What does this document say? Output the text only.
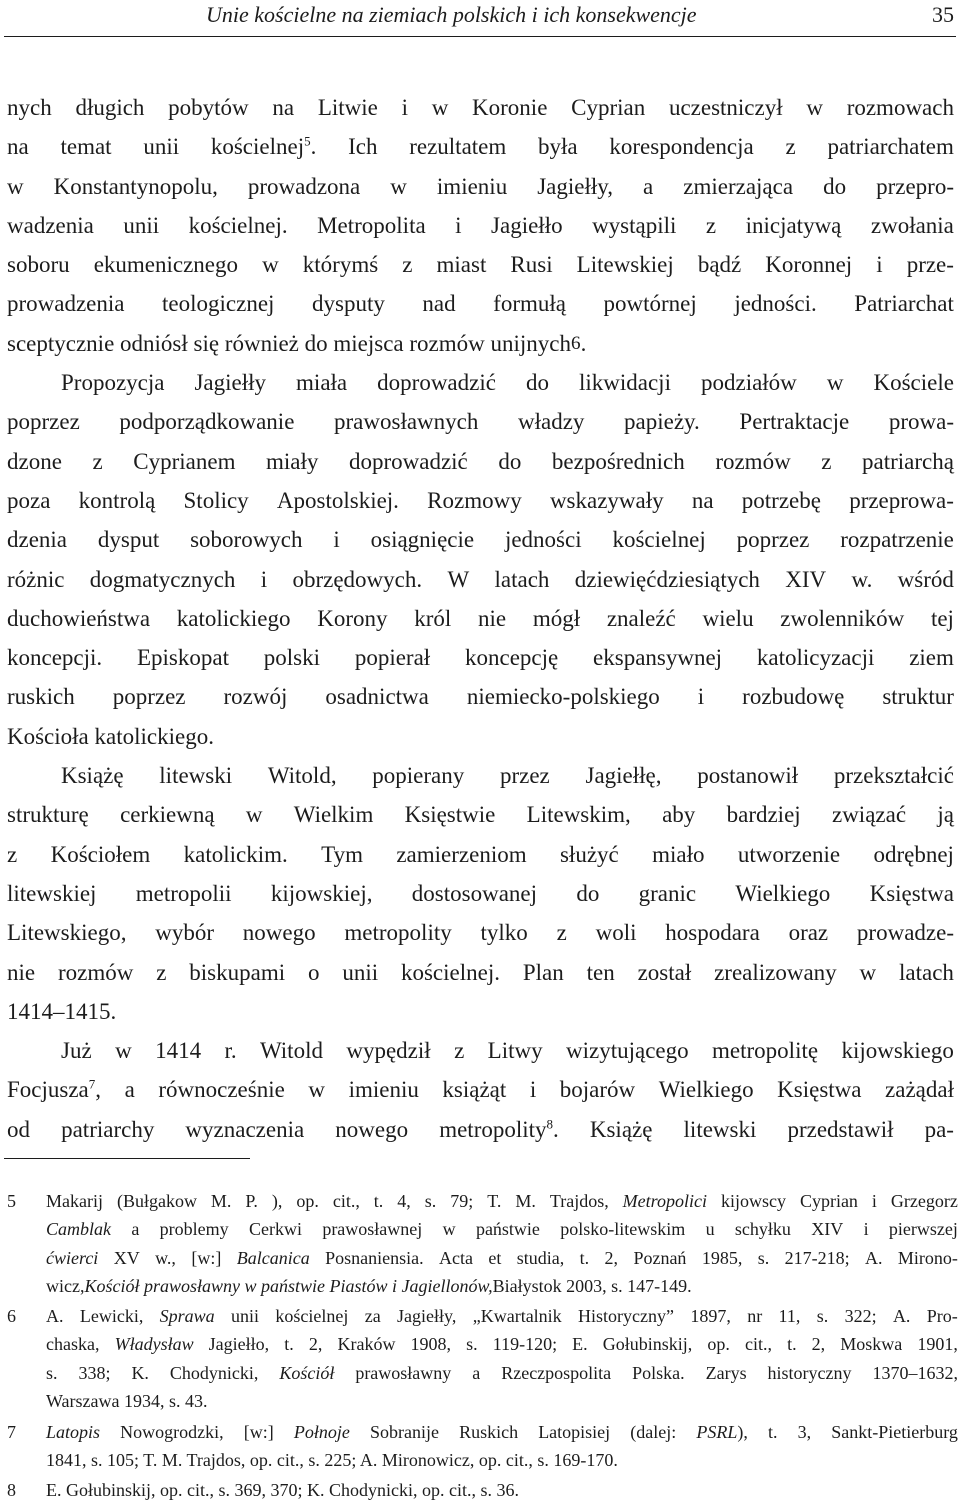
Unie kościelne na ziemiach polskich i ich konsekwencje	35
nych długich pobytów na Litwie i w Koronie Cyprian uczestniczył w rozmowach
na temat unii kościelnej$^5$. Ich rezultatem była korespondencja z patriarchatem
w Konstantynopolu, prowadzona w imieniu Jagiełły, a zmierzająca do przepro-
wadzenia unii kościelnej. Metropolita i Jagiełło wystąpili z inicjatywą zwołania
soboru ekumenicznego w którymś z miast Rusi Litewskiej bądź Koronnej i prze-
prowadzenia teologicznej dysputy nad formułą powtórnej jedności. Patriarchat
sceptycznie odniósł się również do miejsca rozmów unijnych 6 .
Propozycja Jagiełły miała doprowadzić do likwidacji podziałów w Kościele
poprzez podporządkowanie prawosławnych władzy papieży. Pertraktacje prowa-
dzone z Cyprianem miały doprowadzić do bezpośrednich rozmów z patriarchą
poza kontrolą Stolicy Apostolskiej. Rozmowy wskazywały na potrzebę przeprowa-
dzenia dysput soborowych i osiągnięcie jedności kościelnej poprzez rozpatrzenie
różnic dogmatycznych i obrzędowych. W latach dziewięćdziesiątych XIV w. wśród
duchowieństwa katolickiego Korony król nie mógł znaleźć wielu zwolenników tej
koncepcji. Episkopat polski popierał koncepcję ekspansywnej katolicyzacji ziem
ruskich poprzez rozwój osadnictwa niemiecko-polskiego i rozbudowę struktur
Kościoła katolickiego.
Książę litewski Witold, popierany przez Jagiełłę, postanowił przekształcić
strukturę cerkiewną w Wielkim Księstwie Litewskim, aby bardziej związać ją
z Kościołem katolickim. Tym zamierzeniom służyć miało utworzenie odrębnej
litewskiej metropolii kijowskiej, dostosowanej do granic Wielkiego Księstwa
Litewskiego, wybór nowego metropolity tylko z woli hospodara oraz prowadze-
nie rozmów z biskupami o unii kościelnej. Plan ten został zrealizowany w latach
1414–1415.
Już w 1414 r. Witold wypędził z Litwy wizytującego metropolitę kijowskiego
Focjusza$^7$, a równocześnie w imieniu książąt i bojarów Wielkiego Księstwa zażądał
od patriarchy wyznaczenia nowego metropolity$^8$. Książę litewski przedstawił pa-
5 Makarij (Bułgakow M. P. ), op. cit., t. 4, s. 79; T. M. Trajdos, Metropolici kijowscy Cyprian i Grzegorz
Camblak a problemy Cerkwi prawosławnej w państwie polsko-litewskim u schyłku XIV i pierwszej
ćwierci XV w., [w:] Balcanica Posnaniensia. Acta et studia, t. 2, Poznań 1985, s. 217-218; A. Mirono-
wicz, Kościół prawosławny w państwie Piastów i Jagiellonów, Białystok 2003, s. 147-149.
6 A. Lewicki, Sprawa unii kościelnej za Jagiełły, „Kwartalnik Historyczny” 1897, nr 11, s. 322; A. Pro-
chaska, Władysław Jagiełło, t. 2, Kraków 1908, s. 119-120; E. Gołubinskij, op. cit., t. 2, Moskwa 1901,
s. 338; K. Chodynicki, Kościół prawosławny a Rzeczpospolita Polska. Zarys historyczny 1370–1632,
Warszawa 1934, s. 43.
7 Latopis Nowogrodzki, [w:] Połnoje Sobranije Ruskich Latopisiej (dalej: PSRL), t. 3, Sankt-Pietierburg
1841, s. 105; T. M. Trajdos, op. cit., s. 225; A. Mironowicz, op. cit., s. 169-170.
8 E. Gołubinskij, op. cit., s. 369, 370; K. Chodynicki, op. cit., s. 36.
